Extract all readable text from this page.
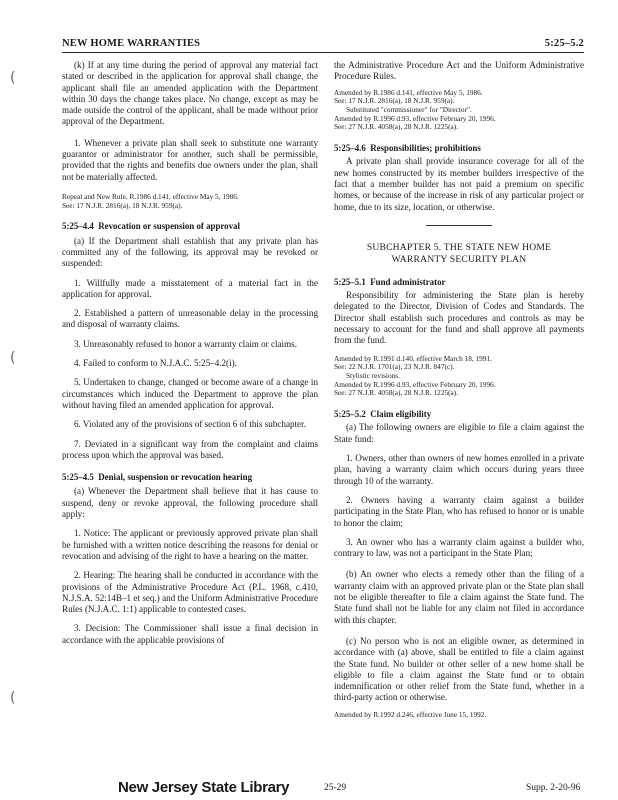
(
(
(
NEW HOME WARRANTIES	5:25–5.2

(k) If at any time during the period of approval any material fact stated or described in the application for approval shall change, the applicant shall file an amended application with the Department within 30 days the change takes place. No change, except as may be made outside the control of the applicant, shall be made without prior approval of the Department.

1. Whenever a private plan shall seek to substitute one warranty guarantor or administrator for another, such shall be permissible, provided that the rights and benefits due owners under the plan, shall not be materially affected.

Repeal and New Rule, R.1986 d.141, effective May 5, 1986.
See: 17 N.J.R. 2816(a), 18 N.J.R. 959(a).
5:25–4.4 Revocation or suspension of approval

(a) If the Department shall establish that any private plan has committed any of the following, its approval may be revoked or suspended:

1. Willfully made a misstatement of a material fact in the application for approval.

2. Established a pattern of unreasonable delay in the processing and disposal of warranty claims.

3. Unreasonably refused to honor a warranty claim or claims.

4. Failed to conform to N.J.A.C. 5:25–4.2(i).

5. Undertaken to change, changed or become aware of a change in circumstances which induced the Department to approve the plan without having filed an amended application for approval.

6. Violated any of the provisions of section 6 of this subchapter.

7. Deviated in a significant way from the complaint and claims process upon which the approval was based.

5:25–4.5 Denial, suspension or revocation hearing

(a) Whenever the Department shall believe that it has cause to suspend, deny or revoke approval, the following procedure shall apply:

1. Notice: The applicant or previously approved private plan shall be furnished with a written notice describing the reasons for denial or revocation and advising of the right to have a hearing on the matter.

2. Hearing: The hearing shall be conducted in accordance with the provisions of the Administrative Procedure Act (P.L. 1968, c.410, N.J.S.A. 52:14B–1 et seq.) and the Uniform Administrative Procedure Rules (N.J.A.C. 1:1) applicable to contested cases.

3. Decision: The Commissioner shall issue a final decision in accordance with the applicable provisions of

the Administrative Procedure Act and the Uniform Administrative Procedure Rules.

Amended by R.1986 d.141, effective May 5, 1986.
See: 17 N.J.R. 2816(a), 18 N.J.R. 959(a).
Substituted "commissioner" for "Director".
Amended by R.1996 d.93, effective February 20, 1996.
See: 27 N.J.R. 4058(a), 28 N.J.R. 1225(a).
5:25–4.6 Responsibilities; prohibitions

A private plan shall provide insurance coverage for all of the new homes constructed by its member builders irrespective of the fact that a member builder has not paid a premium on specific homes, or because of the increase in risk of any particular project or home, due to its size, location, or otherwise.

SUBCHAPTER 5. THE STATE NEW HOME
WARRANTY SECURITY PLAN
5:25–5.1 Fund administrator

Responsibility for administering the State plan is hereby delegated to the Director, Division of Codes and Standards. The Director shall establish such procedures and controls as may be necessary to account for the fund and shall approve all payments from the fund.

Amended by R.1991 d.140, effective March 18, 1991.
See: 22 N.J.R. 1701(a), 23 N.J.R. 847(c).
Stylistic revisions.
Amended by R.1996 d.93, effective February 20, 1996.
See: 27 N.J.R. 4058(a), 28 N.J.R. 1225(a).
5:25–5.2 Claim eligibility

(a) The following owners are eligible to file a claim against the State fund:

1. Owners, other than owners of new homes enrolled in a private plan, having a warranty claim which occurs during years three through 10 of the warranty.

2. Owners having a warranty claim against a builder participating in the State Plan, who has refused to honor or is unable to honor the claim;

3. An owner who has a warranty claim against a builder who, contrary to law, was not a participant in the State Plan;

(b) An owner who elects a remedy other than the filing of a warranty claim with an approved private plan or the State plan shall not be eligible thereafter to file a claim against the State fund. The State fund shall not be liable for any claim not filed in accordance with this chapter.

(c) No person who is not an eligible owner, as determined in accordance with (a) above, shall be entitled to file a claim against the State fund. No builder or other seller of a new home shall be eligible to file a claim against the State fund or to obtain indemnification or other relief from the State fund, whether in a third-party action or otherwise.

Amended by R.1992 d.246, effective June 15, 1992.
New Jersey State Library	25-29	Supp. 2-20-96
